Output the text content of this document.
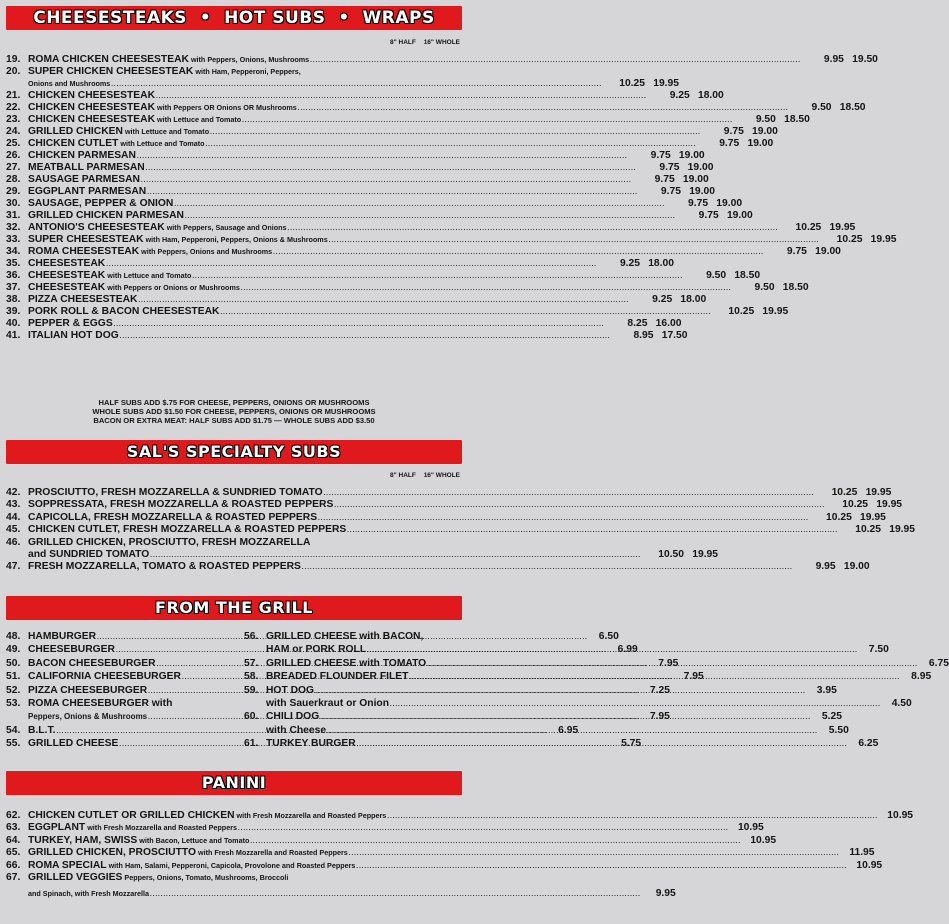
CHEESESTEAKS  •  HOT SUBS  •  WRAPS
8" HALF 16" WHOLE
19. ROMA CHICKEN CHEESESTEAK with Peppers, Onions, Mushrooms .....	9.95 19.50
20. SUPER CHICKEN CHEESESTEAK with Ham, Pepperoni, Peppers,
Onions and Mushrooms .....	10.25 19.95
21. CHICKEN CHEESESTEAK .....	9.25 18.00
22. CHICKEN CHEESESTEAK with Peppers OR Onions OR Mushrooms .....	9.50 18.50
23. CHICKEN CHEESESTEAK with Lettuce and Tomato .....	9.50 18.50
24. GRILLED CHICKEN with Lettuce and Tomato .....	9.75 19.00
25. CHICKEN CUTLET with Lettuce and Tomato .....	9.75 19.00
26. CHICKEN PARMESAN .....	9.75 19.00
27. MEATBALL PARMESAN .....	9.75 19.00
28. SAUSAGE PARMESAN .....	9.75 19.00
29. EGGPLANT PARMESAN .....	9.75 19.00
30. SAUSAGE, PEPPER & ONION .....	9.75 19.00
31. GRILLED CHICKEN PARMESAN .....	9.75 19.00
32. ANTONIO'S CHEESESTEAK with Peppers, Sausage and Onions .....	10.25 19.95
33. SUPER CHEESESTEAK with Ham, Pepperoni, Peppers, Onions & Mushrooms .....	10.25 19.95
34. ROMA CHEESESTEAK with Peppers, Onions and Mushrooms .....	9.75 19.00
35. CHEESESTEAK .....	9.25 18.00
36. CHEESESTEAK with Lettuce and Tomato .....	9.50 18.50
37. CHEESESTEAK with Peppers or Onions or Mushrooms .....	9.50 18.50
38. PIZZA CHEESESTEAK .....	9.25 18.00
39. PORK ROLL & BACON CHEESESTEAK .....	10.25 19.95
40. PEPPER & EGGS .....	8.25 16.00
41. ITALIAN HOT DOG .....	8.95 17.50
HALF SUBS ADD $.75 FOR CHEESE, PEPPERS, ONIONS OR MUSHROOMS
WHOLE SUBS ADD $1.50 FOR CHEESE, PEPPERS, ONIONS OR MUSHROOMS
BACON OR EXTRA MEAT: HALF SUBS ADD $1.75 — WHOLE SUBS ADD $3.50
SAL'S SPECIALTY SUBS
8" HALF 16" WHOLE
42. PROSCIUTTO, FRESH MOZZARELLA & SUNDRIED TOMATO .....	10.25 19.95
43. SOPPRESSATA, FRESH MOZZARELLA & ROASTED PEPPERS .....	10.25 19.95
44. CAPICOLLA, FRESH MOZZARELLA & ROASTED PEPPERS .....	10.25 19.95
45. CHICKEN CUTLET, FRESH MOZZARELLA & ROASTED PEPPERS .....	10.25 19.95
46. GRILLED CHICKEN, PROSCIUTTO, FRESH MOZZARELLA
and SUNDRIED TOMATO .....	10.50 19.95
47. FRESH MOZZARELLA, TOMATO & ROASTED PEPPERS .....	9.95 19.00
FROM THE GRILL
48. HAMBURGER .....	6.50
49. CHEESEBURGER .....	6.99
50. BACON CHEESEBURGER .....	7.95
51. CALIFORNIA CHEESEBURGER .....	7.95
52. PIZZA CHEESEBURGER .....	7.25
53. ROMA CHEESEBURGER with
Peppers, Onions & Mushrooms .....	7.95
54. B.L.T. .....	6.95
55. GRILLED CHEESE .....	5.75
56. GRILLED CHEESE with BACON,
HAM or PORK ROLL .....	7.50
57. GRILLED CHEESE with TOMATO .....	6.75
58. BREADED FLOUNDER FILET .....	8.95
59. HOT DOG .....	3.95
with Sauerkraut or Onion .....	4.50
60. CHILI DOG .....	5.25
with Cheese .....	5.50
61. TURKEY BURGER .....	6.25
PANINI
62. CHICKEN CUTLET OR GRILLED CHICKEN with Fresh Mozzarella and Roasted Peppers .....	10.95
63. EGGPLANT with Fresh Mozzarella and Roasted Peppers .....	10.95
64. TURKEY, HAM, SWISS with Bacon, Lettuce and Tomato .....	10.95
65. GRILLED CHICKEN, PROSCIUTTO with Fresh Mozzarella and Roasted Peppers .....	11.95
66. ROMA SPECIAL with Ham, Salami, Pepperoni, Capicola, Provolone and Roasted Peppers .....	10.95
67. GRILLED VEGGIES Peppers, Onions, Tomato, Mushrooms, Broccoli
and Spinach, with Fresh Mozzarella .....	9.95
